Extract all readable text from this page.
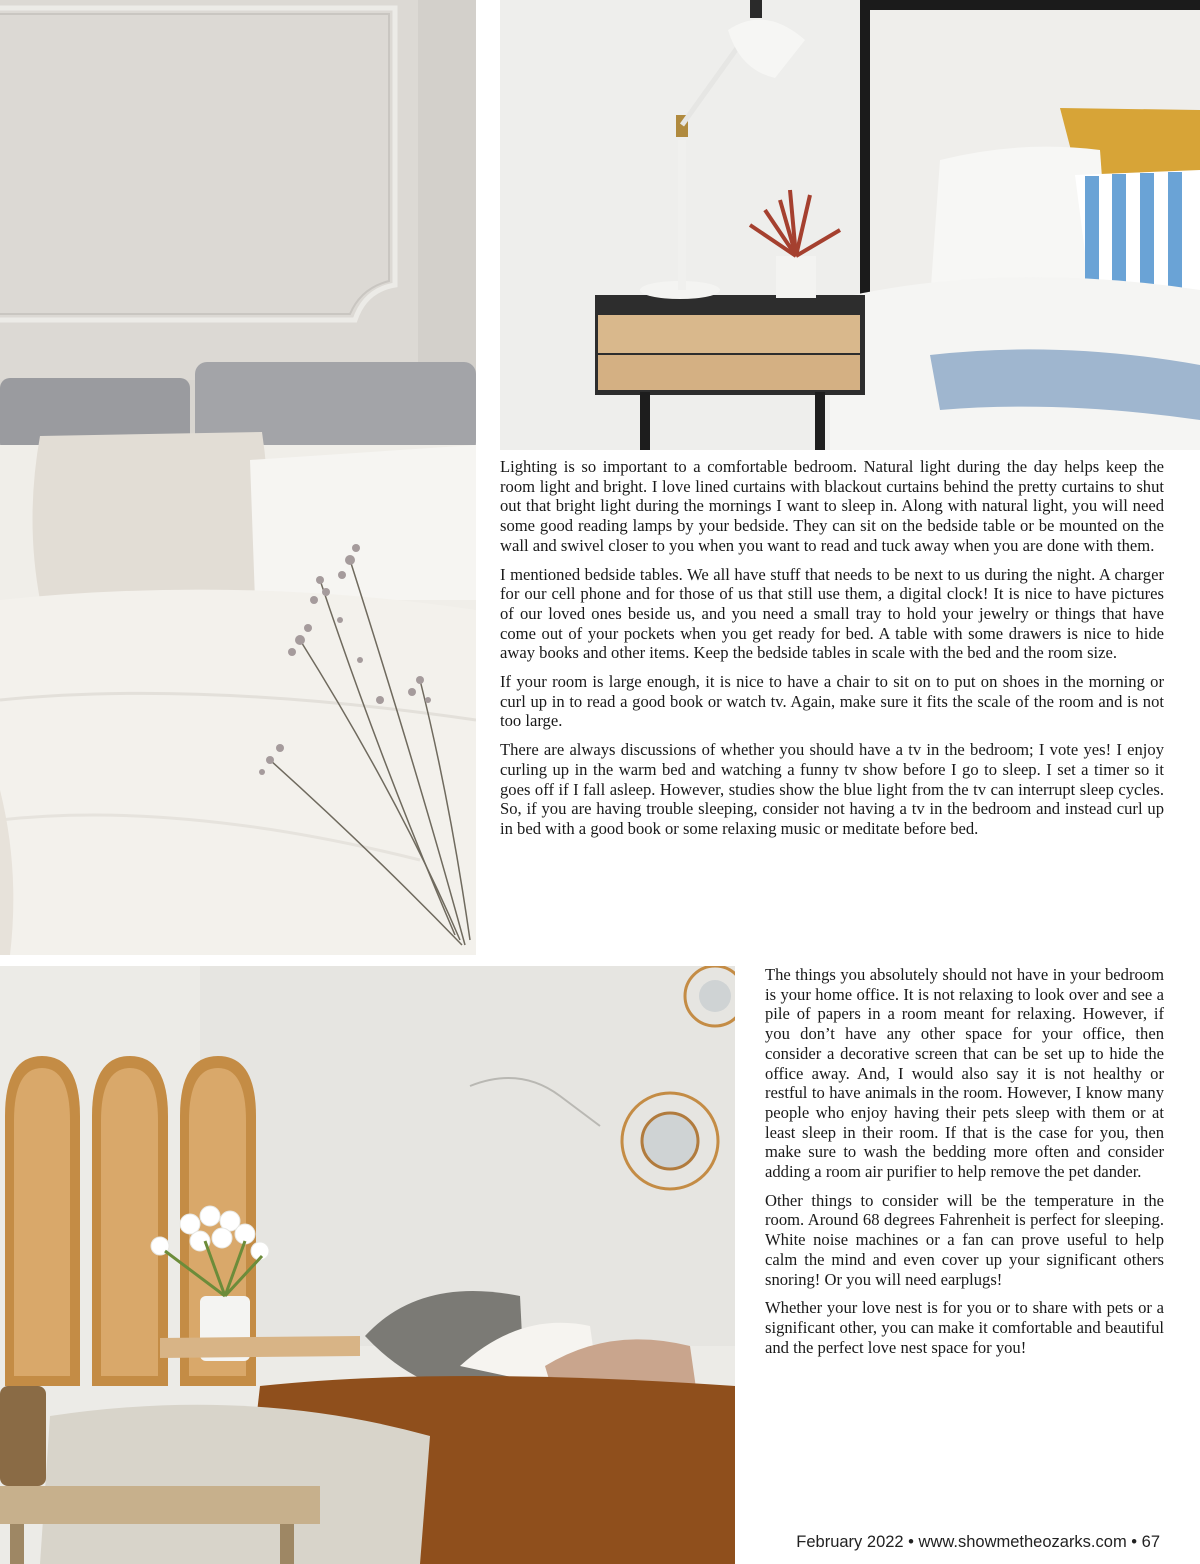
Lighting is so important to a comfortable bedroom. Natural light during the day helps keep the room light and bright. I love lined curtains with blackout curtains behind the pretty curtains to shut out that bright light during the mornings I want to sleep in. Along with natural light, you will need some good reading lamps by your bedside. They can sit on the bedside table or be mounted on the wall and swivel closer to you when you want to read and tuck away when you are done with them.

I mentioned bedside tables. We all have stuff that needs to be next to us during the night. A charger for our cell phone and for those of us that still use them, a digital clock! It is nice to have pictures of our loved ones beside us, and you need a small tray to hold your jewelry or things that have come out of your pockets when you get ready for bed. A table with some drawers is nice to hide away books and other items. Keep the bedside tables in scale with the bed and the room size.

If your room is large enough, it is nice to have a chair to sit on to put on shoes in the morning or curl up in to read a good book or watch tv. Again, make sure it fits the scale of the room and is not too large.

There are always discussions of whether you should have a tv in the bedroom; I vote yes! I enjoy curling up in the warm bed and watching a funny tv show before I go to sleep. I set a timer so it goes off if I fall asleep. However, studies show the blue light from the tv can interrupt sleep cycles. So, if you are having trouble sleeping, consider not having a tv in the bedroom and instead curl up in bed with a good book or some relaxing music or meditate before bed.

The things you absolutely should not have in your bedroom is your home office. It is not relaxing to look over and see a pile of papers in a room meant for relaxing. However, if you don’t have any other space for your office, then consider a decorative screen that can be set up to hide the office away. And, I would also say it is not healthy or restful to have animals in the room. However, I know many people who enjoy having their pets sleep with them or at least sleep in their room. If that is the case for you, then make sure to wash the bedding more often and consider adding a room air purifier to help remove the pet dander.

Other things to consider will be the temperature in the room. Around 68 degrees Fahrenheit is perfect for sleeping. White noise machines or a fan can prove useful to help calm the mind and even cover up your significant others snoring! Or you will need earplugs!

Whether your love nest is for you or to share with pets or a significant other, you can make it comfortable and beautiful and the perfect love nest space for you!

February 2022 • www.showmetheozarks.com • 67
